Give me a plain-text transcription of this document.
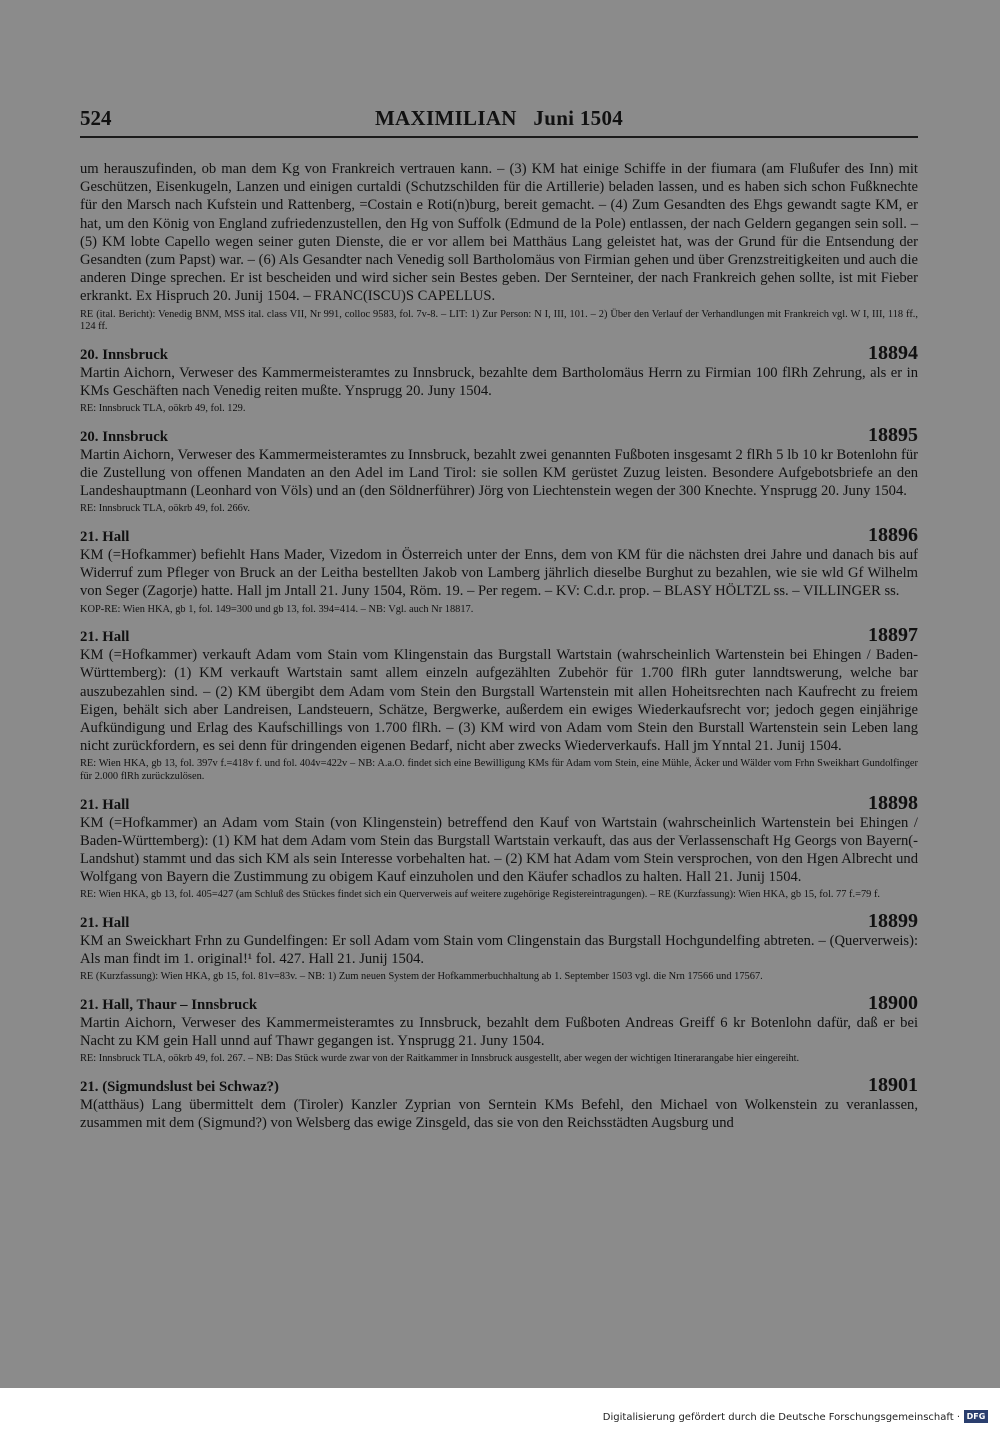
524	MAXIMILIAN   Juni 1504

um herauszufinden, ob man dem Kg von Frankreich vertrauen kann. – (3) KM hat einige Schiffe in der fiumara (am Flußufer des Inn) mit Geschützen, Eisenkugeln, Lanzen und einigen curtaldi (Schutzschilden für die Artillerie) beladen lassen, und es haben sich schon Fußknechte für den Marsch nach Kufstein und Rattenberg, =Costain e Roti(n)burg, bereit gemacht. – (4) Zum Gesandten des Ehgs gewandt sagte KM, er hat, um den König von England zufriedenzustellen, den Hg von Suffolk (Edmund de la Pole) entlassen, der nach Geldern gegangen sein soll. – (5) KM lobte Capello wegen seiner guten Dienste, die er vor allem bei Matthäus Lang geleistet hat, was der Grund für die Entsendung der Gesandten (zum Papst) war. – (6) Als Gesandter nach Venedig soll Bartholomäus von Firmian gehen und über Grenzstreitigkeiten und auch die anderen Dinge sprechen. Er ist bescheiden und wird sicher sein Bestes geben. Der Sernteiner, der nach Frankreich gehen sollte, ist mit Fieber erkrankt. Ex Hispruch 20. Junij 1504. – FRANC(ISCU)S CAPELLUS.

RE (ital. Bericht): Venedig BNM, MSS ital. class VII, Nr 991, colloc 9583, fol. 7v-8. – LIT: 1) Zur Person: N I, III, 101. – 2) Über den Verlauf der Verhandlungen mit Frankreich vgl. W I, III, 118 ff., 124 ff.

20. Innsbruck	18894

Martin Aichorn, Verweser des Kammermeisteramtes zu Innsbruck, bezahlte dem Bartholomäus Herrn zu Firmian 100 flRh Zehrung, als er in KMs Geschäften nach Venedig reiten mußte. Ynsprugg 20. Juny 1504.

RE: Innsbruck TLA, oökrb 49, fol. 129.

20. Innsbruck	18895

Martin Aichorn, Verweser des Kammermeisteramtes zu Innsbruck, bezahlt zwei genannten Fußboten insgesamt 2 flRh 5 lb 10 kr Botenlohn für die Zustellung von offenen Mandaten an den Adel im Land Tirol: sie sollen KM gerüstet Zuzug leisten. Besondere Aufgebotsbriefe an den Landeshauptmann (Leonhard von Völs) und an (den Söldnerführer) Jörg von Liechtenstein wegen der 300 Knechte. Ynsprugg 20. Juny 1504.

RE: Innsbruck TLA, oökrb 49, fol. 266v.

21. Hall	18896

KM (=Hofkammer) befiehlt Hans Mader, Vizedom in Österreich unter der Enns, dem von KM für die nächsten drei Jahre und danach bis auf Widerruf zum Pfleger von Bruck an der Leitha bestellten Jakob von Lamberg jährlich dieselbe Burghut zu bezahlen, wie sie wld Gf Wilhelm von Seger (Zagorje) hatte. Hall jm Jntall 21. Juny 1504, Röm. 19. – Per regem. – KV: C.d.r. prop. – BLASY HÖLTZL ss. – VILLINGER ss.

KOP-RE: Wien HKA, gb 1, fol. 149=300 und gb 13, fol. 394=414. – NB: Vgl. auch Nr 18817.

21. Hall	18897

KM (=Hofkammer) verkauft Adam vom Stain vom Klingenstain das Burgstall Wartstain (wahrscheinlich Wartenstein bei Ehingen / Baden-Württemberg): (1) KM verkauft Wartstain samt allem einzeln aufgezählten Zubehör für 1.700 flRh guter lanndtswerung, welche bar auszubezahlen sind. – (2) KM übergibt dem Adam vom Stein den Burgstall Wartenstein mit allen Hoheitsrechten nach Kaufrecht zu freiem Eigen, behält sich aber Landreisen, Landsteuern, Schätze, Bergwerke, außerdem ein ewiges Wiederkaufsrecht vor; jedoch gegen einjährige Aufkündigung und Erlag des Kaufschillings von 1.700 flRh. – (3) KM wird von Adam vom Stein den Burstall Wartenstein sein Leben lang nicht zurückfordern, es sei denn für dringenden eigenen Bedarf, nicht aber zwecks Wiederverkaufs. Hall jm Ynntal 21. Junij 1504.

RE: Wien HKA, gb 13, fol. 397v f.=418v f. und fol. 404v=422v – NB: A.a.O. findet sich eine Bewilligung KMs für Adam vom Stein, eine Mühle, Äcker und Wälder vom Frhn Sweikhart Gundolfinger für 2.000 flRh zurückzulösen.

21. Hall	18898

KM (=Hofkammer) an Adam vom Stain (von Klingenstein) betreffend den Kauf von Wartstain (wahrscheinlich Wartenstein bei Ehingen / Baden-Württemberg): (1) KM hat dem Adam vom Stein das Burgstall Wartstain verkauft, das aus der Verlassenschaft Hg Georgs von Bayern(-Landshut) stammt und das sich KM als sein Interesse vorbehalten hat. – (2) KM hat Adam vom Stein versprochen, von den Hgen Albrecht und Wolfgang von Bayern die Zustimmung zu obigem Kauf einzuholen und den Käufer schadlos zu halten. Hall 21. Junij 1504.

RE: Wien HKA, gb 13, fol. 405=427 (am Schluß des Stückes findet sich ein Querverweis auf weitere zugehörige Registereintragungen). – RE (Kurzfassung): Wien HKA, gb 15, fol. 77 f.=79 f.

21. Hall	18899

KM an Sweickhart Frhn zu Gundelfingen: Er soll Adam vom Stain vom Clingenstain das Burgstall Hochgundelfing abtreten. – (Querverweis): Als man findt im 1. original!¹ fol. 427. Hall 21. Junij 1504.

RE (Kurzfassung): Wien HKA, gb 15, fol. 81v=83v. – NB: 1) Zum neuen System der Hofkammerbuchhaltung ab 1. September 1503 vgl. die Nrn 17566 und 17567.

21. Hall, Thaur – Innsbruck	18900

Martin Aichorn, Verweser des Kammermeisteramtes zu Innsbruck, bezahlt dem Fußboten Andreas Greiff 6 kr Botenlohn dafür, daß er bei Nacht zu KM gein Hall unnd auf Thawr gegangen ist. Ynsprugg 21. Juny 1504.

RE: Innsbruck TLA, oökrb 49, fol. 267. – NB: Das Stück wurde zwar von der Raitkammer in Innsbruck ausgestellt, aber wegen der wichtigen Itinerarangabe hier eingereiht.

21. (Sigmundslust bei Schwaz?)	18901

M(atthäus) Lang übermittelt dem (Tiroler) Kanzler Zyprian von Serntein KMs Befehl, den Michael von Wolkenstein zu veranlassen, zusammen mit dem (Sigmund?) von Welsberg das ewige Zinsgeld, das sie von den Reichsstädten Augsburg und

Digitalisierung gefördert durch die Deutsche Forschungsgemeinschaft · DFG
